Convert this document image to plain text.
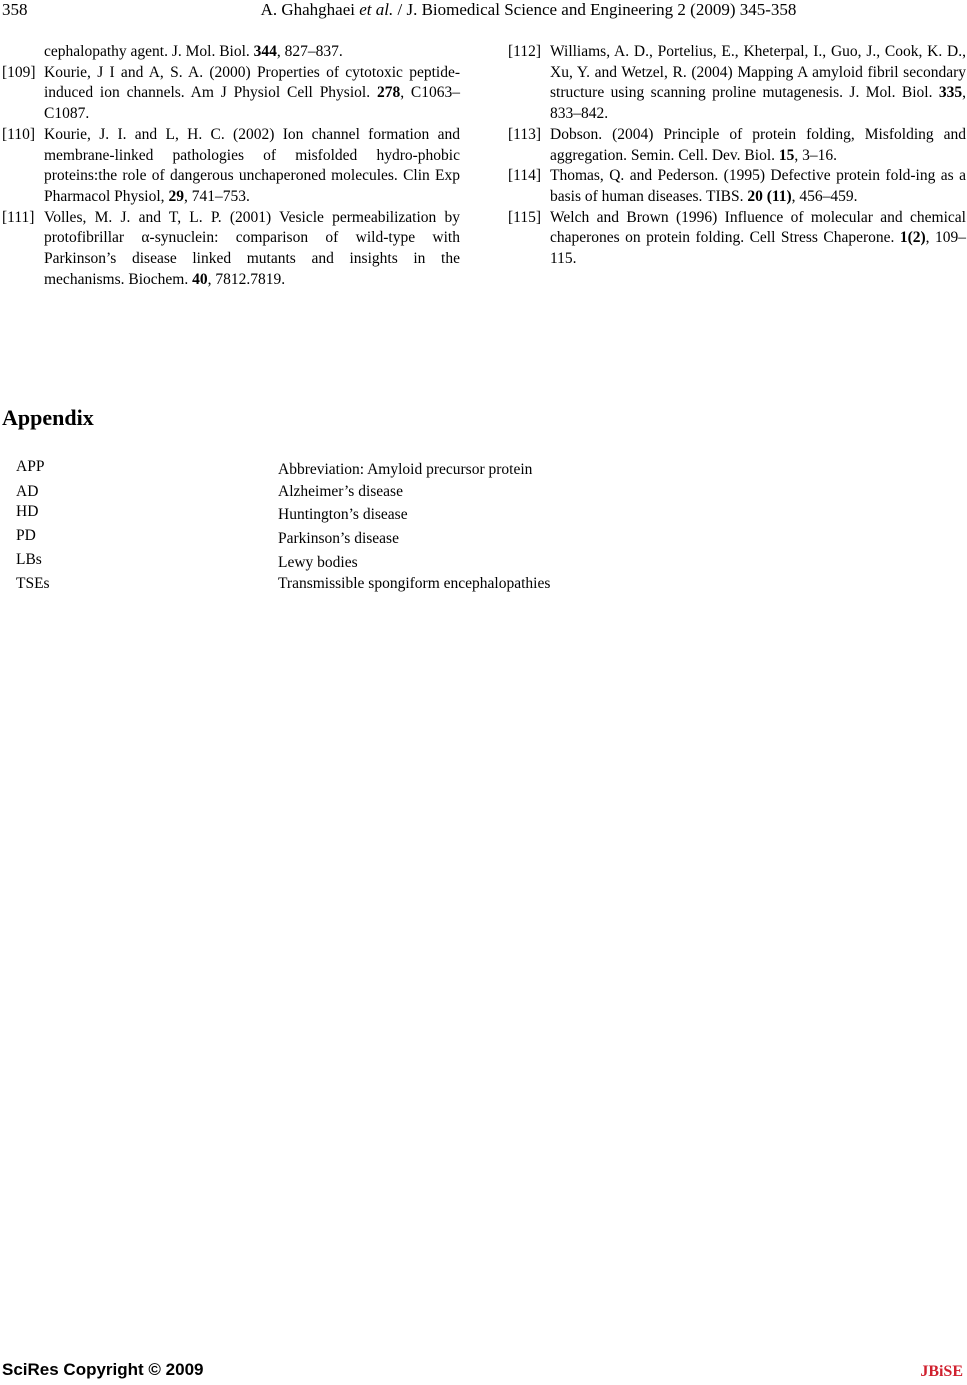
358	A. Ghahghaei et al. / J. Biomedical Science and Engineering 2 (2009) 345-358
cephalopathy agent. J. Mol. Biol. 344, 827–837.
[109] Kourie, J I and A, S. A. (2000) Properties of cytotoxic peptide-induced ion channels. Am J Physiol Cell Physiol. 278, C1063–C1087.
[110] Kourie, J. I. and L, H. C. (2002) Ion channel formation and membrane-linked pathologies of misfolded hydro-phobic proteins:the role of dangerous unchaperoned molecules. Clin Exp Pharmacol Physiol, 29, 741–753.
[111] Volles, M. J. and T, L. P. (2001) Vesicle permeabilization by protofibrillar α-synuclein: comparison of wild-type with Parkinson’s disease linked mutants and insights in the mechanisms. Biochem. 40, 7812.7819.
[112] Williams, A. D., Portelius, E., Kheterpal, I., Guo, J., Cook, K. D., Xu, Y. and Wetzel, R. (2004) Mapping A amyloid fibril secondary structure using scanning proline mutagenesis. J. Mol. Biol. 335, 833–842.
[113] Dobson. (2004) Principle of protein folding, Misfolding and aggregation. Semin. Cell. Dev. Biol. 15, 3–16.
[114] Thomas, Q. and Pederson. (1995) Defective protein fold-ing as a basis of human diseases. TIBS. 20 (11), 456–459.
[115] Welch and Brown (1996) Influence of molecular and chemical chaperones on protein folding. Cell Stress Chaperone. 1(2), 109–115.
Appendix
APP	Abbreviation: Amyloid precursor protein
AD	Alzheimer’s disease
HD	Huntington’s disease
PD	Parkinson’s disease
LBs	Lewy bodies
TSEs	Transmissible spongiform encephalopathies
SciRes Copyright © 2009	JBiSE
